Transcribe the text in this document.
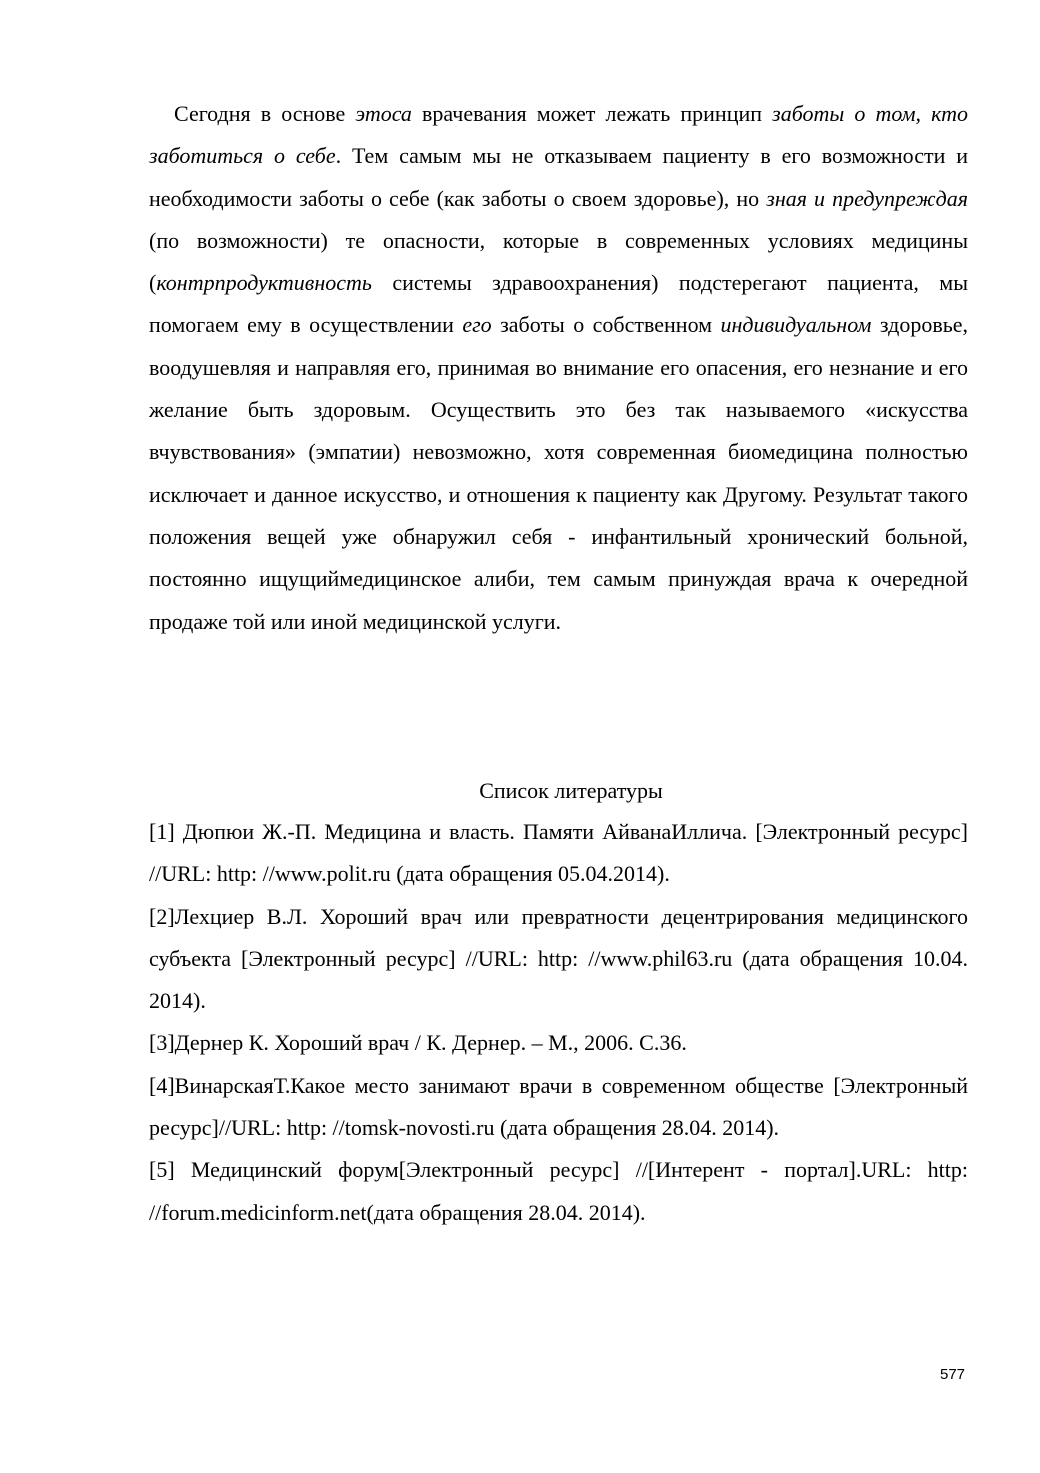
Сегодня в основе этоса врачевания может лежать принцип заботы о том, кто заботиться о себе. Тем самым мы не отказываем пациенту в его возможности и необходимости заботы о себе (как заботы о своем здоровье), но зная и предупреждая (по возможности) те опасности, которые в современных условиях медицины (контрпродуктивность системы здравоохранения) подстерегают пациента, мы помогаем ему в осуществлении его заботы о собственном индивидуальном здоровье, воодушевляя и направляя его, принимая во внимание его опасения, его незнание и его желание быть здоровым. Осуществить это без так называемого «искусства вчувствования» (эмпатии) невозможно, хотя современная биомедицина полностью исключает и данное искусство, и отношения к пациенту как Другому. Результат такого положения вещей уже обнаружил себя - инфантильный хронический больной, постоянно ищущиймедицинское алиби, тем самым принуждая врача к очередной продаже той или иной медицинской услуги.
Список литературы

[1] Дюпюи Ж.-П. Медицина и власть. Памяти АйванаИллича. [Электронный ресурс] //URL: http: //www.polit.ru (дата обращения 05.04.2014).

[2]Лехциер В.Л. Хороший врач или превратности децентрирования медицинского субъекта [Электронный ресурс] //URL: http: //www.phil63.ru (дата обращения 10.04. 2014).

[3]Дернер К. Хороший врач / К. Дернер. – М., 2006. С.36.

[4]ВинарскаяТ.Какое место занимают врачи в современном обществе [Электронный ресурс]//URL: http: //tomsk-novosti.ru (дата обращения 28.04. 2014).

[5] Медицинский форум[Электронный ресурс] //[Интерент - портал].URL: http: //forum.medicinform.net(дата обращения 28.04. 2014).

577
